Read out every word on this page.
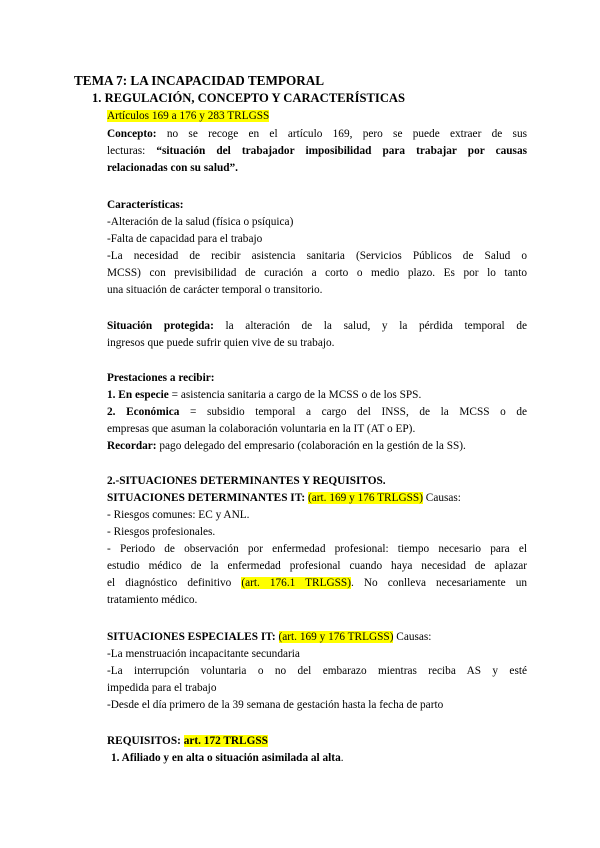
TEMA 7: LA INCAPACIDAD TEMPORAL
1. REGULACIÓN, CONCEPTO Y CARACTERÍSTICAS
Artículos 169 a 176 y 283 TRLGSS
Concepto: no se recoge en el artículo 169, pero se puede extraer de sus
lecturas: “situación del trabajador imposibilidad para trabajar por causas
relacionadas con su salud”.
Características:
-Alteración de la salud (física o psíquica)
-Falta de capacidad para el trabajo
-La necesidad de recibir asistencia sanitaria (Servicios Públicos de Salud o
MCSS) con previsibilidad de curación a corto o medio plazo. Es por lo tanto
una situación de carácter temporal o transitorio.
Situación protegida: la alteración de la salud, y la pérdida temporal de
ingresos que puede sufrir quien vive de su trabajo.
Prestaciones a recibir:
1. En especie = asistencia sanitaria a cargo de la MCSS o de los SPS.
2. Económica = subsidio temporal a cargo del INSS, de la MCSS o de
empresas que asuman la colaboración voluntaria en la IT (AT o EP).
Recordar: pago delegado del empresario (colaboración en la gestión de la SS).
2.-SITUACIONES DETERMINANTES Y REQUISITOS.
SITUACIONES DETERMINANTES IT: (art. 169 y 176 TRLGSS) Causas:
- Riesgos comunes: EC y ANL.
- Riesgos profesionales.
- Periodo de observación por enfermedad profesional: tiempo necesario para el
estudio médico de la enfermedad profesional cuando haya necesidad de aplazar
el diagnóstico definitivo (art. 176.1 TRLGSS). No conlleva necesariamente un
tratamiento médico.
SITUACIONES ESPECIALES IT: (art. 169 y 176 TRLGSS) Causas:
-La menstruación incapacitante secundaria
-La interrupción voluntaria o no del embarazo mientras reciba AS y esté
impedida para el trabajo
-Desde el día primero de la 39 semana de gestación hasta la fecha de parto
REQUISITOS: art. 172 TRLGSS
1. Afiliado y en alta o situación asimilada al alta.
